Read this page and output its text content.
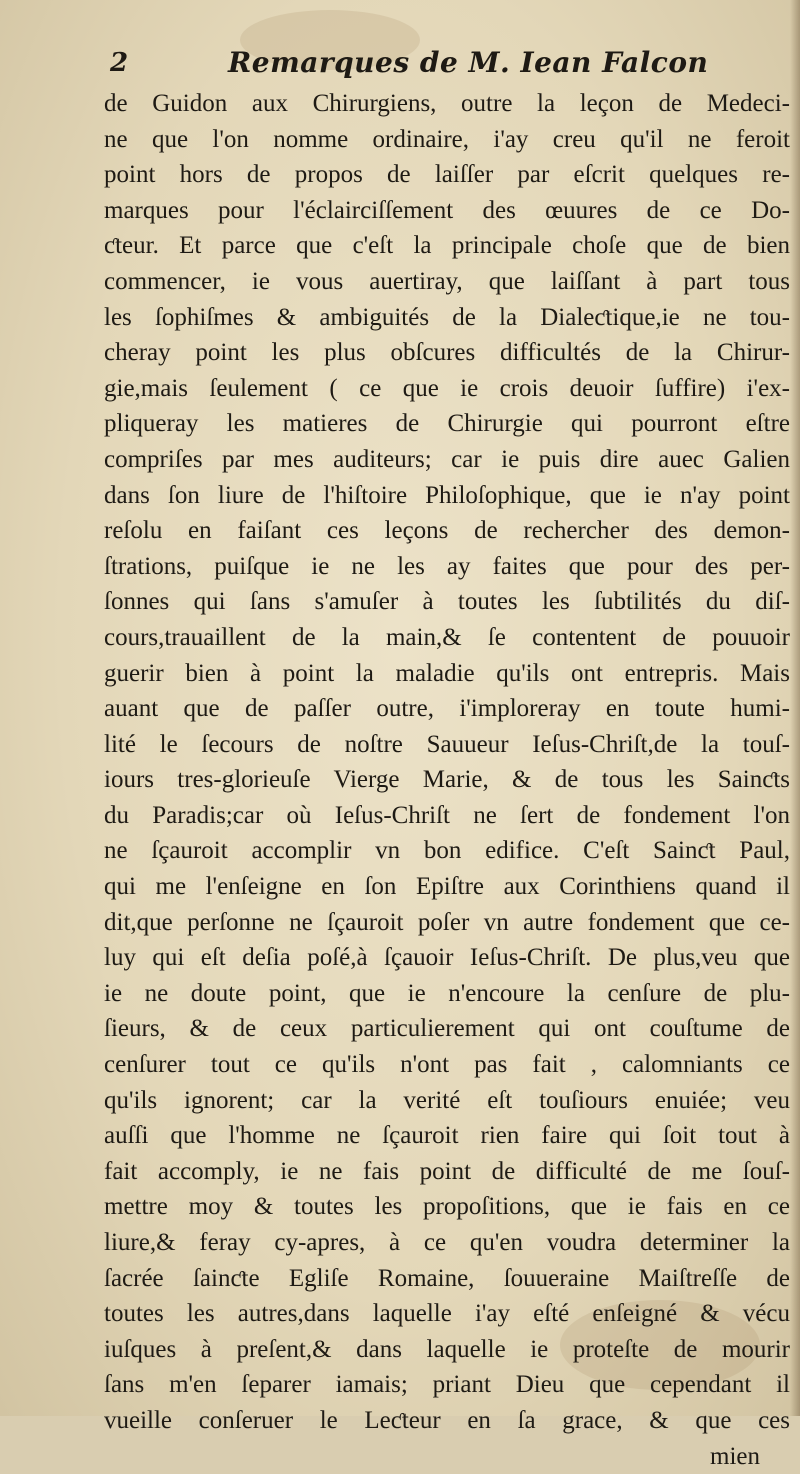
2	Remarques de M. Iean Falcon
de Guidon aux Chirurgiens, outre la leçon de Medeci-
ne que l'on nomme ordinaire, i'ay creu qu'il ne feroit
point hors de propos de laiſſer par eſcrit quelques re-
marques pour l'éclairciſſement des œuures de ce Do-
ƈteur. Et parce que c'eſt la principale choſe que de bien
commencer, ie vous auertiray, que laiſſant à part tous
les ſophiſmes & ambiguités de la Dialeƈtique,ie ne tou-
cheray point les plus obſcures difficultés de la Chirur-
gie,mais ſeulement ( ce que ie crois deuoir ſuffire) i'ex-
pliqueray les matieres de Chirurgie qui pourront eſtre
compriſes par mes auditeurs; car ie puis dire auec Galien
dans ſon liure de l'hiſtoire Philoſophique, que ie n'ay point
reſolu en faiſant ces leçons de rechercher des demon-
ſtrations, puiſque ie ne les ay faites que pour des per-
ſonnes qui ſans s'amuſer à toutes les ſubtilités du diſ-
cours,trauaillent de la main,& ſe contentent de pouuoir
guerir bien à point la maladie qu'ils ont entrepris. Mais
auant que de paſſer outre, i'imploreray en toute humi-
lité le ſecours de noſtre Sauueur Ieſus-Chriſt,de la touſ-
iours tres-glorieuſe Vierge Marie, & de tous les Sainƈts
du Paradis;car où Ieſus-Chriſt ne ſert de fondement l'on
ne ſçauroit accomplir vn bon edifice. C'eſt Sainƈt Paul,
qui me l'enſeigne en ſon Epiſtre aux Corinthiens quand il
dit,que perſonne ne ſçauroit poſer vn autre fondement que ce-
luy qui eſt deſia poſé,à ſçauoir Ieſus-Chriſt. De plus,veu que
ie ne doute point, que ie n'encoure la cenſure de plu-
ſieurs, & de ceux particulierement qui ont couſtume de
cenſurer tout ce qu'ils n'ont pas fait , calomniants ce
qu'ils ignorent; car la verité eſt touſiours enuiée; veu
auſſi que l'homme ne ſçauroit rien faire qui ſoit tout à
fait accomply, ie ne fais point de difficulté de me ſouſ-
mettre moy & toutes les propoſitions, que ie fais en ce
liure,& feray cy-apres, à ce qu'en voudra determiner la
ſacrée ſainƈte Egliſe Romaine, ſouueraine Maiſtreſſe de
toutes les autres,dans laquelle i'ay eſté enſeigné & vécu
iuſques à preſent,& dans laquelle ie proteſte de mourir
ſans m'en ſeparer iamais; priant Dieu que cependant il
vueille conſeruer le Leƈteur en ſa grace, & que ces
mien
